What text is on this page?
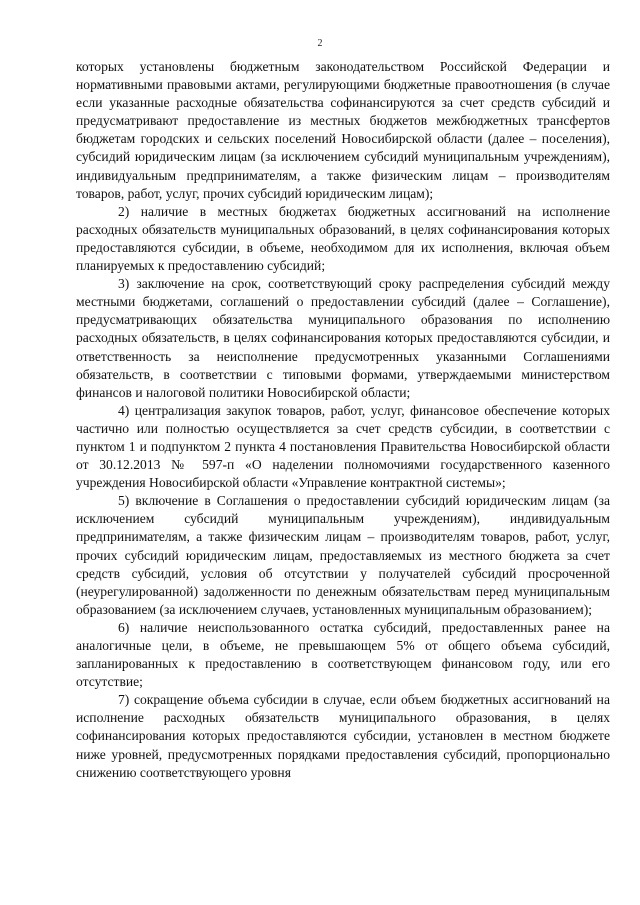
2

которых установлены бюджетным законодательством Российской Федерации и нормативными правовыми актами, регулирующими бюджетные правоотношения (в случае если указанные расходные обязательства софинансируются за счет средств субсидий и предусматривают предоставление из местных бюджетов межбюджетных трансфертов бюджетам городских и сельских поселений Новосибирской области (далее – поселения), субсидий юридическим лицам (за исключением субсидий муниципальным учреждениям), индивидуальным предпринимателям, а также физическим лицам – производителям товаров, работ, услуг, прочих субсидий юридическим лицам);

2) наличие в местных бюджетах бюджетных ассигнований на исполнение расходных обязательств муниципальных образований, в целях софинансирования которых предоставляются субсидии, в объеме, необходимом для их исполнения, включая объем планируемых к предоставлению субсидий;

3) заключение на срок, соответствующий сроку распределения субсидий между местными бюджетами, соглашений о предоставлении субсидий (далее – Соглашение), предусматривающих обязательства муниципального образования по исполнению расходных обязательств, в целях софинансирования которых предоставляются субсидии, и ответственность за неисполнение предусмотренных указанными Соглашениями обязательств, в соответствии с типовыми формами, утверждаемыми министерством финансов и налоговой политики Новосибирской области;

4) централизация закупок товаров, работ, услуг, финансовое обеспечение которых частично или полностью осуществляется за счет средств субсидии, в соответствии с пунктом 1 и подпунктом 2 пункта 4 постановления Правительства Новосибирской области от 30.12.2013 № 597-п «О наделении полномочиями государственного казенного учреждения Новосибирской области «Управление контрактной системы»;

5) включение в Соглашения о предоставлении субсидий юридическим лицам (за исключением субсидий муниципальным учреждениям), индивидуальным предпринимателям, а также физическим лицам – производителям товаров, работ, услуг, прочих субсидий юридическим лицам, предоставляемых из местного бюджета за счет средств субсидий, условия об отсутствии у получателей субсидий просроченной (неурегулированной) задолженности по денежным обязательствам перед муниципальным образованием (за исключением случаев, установленных муниципальным образованием);

6) наличие неиспользованного остатка субсидий, предоставленных ранее на аналогичные цели, в объеме, не превышающем 5% от общего объема субсидий, запланированных к предоставлению в соответствующем финансовом году, или его отсутствие;

7) сокращение объема субсидии в случае, если объем бюджетных ассигнований на исполнение расходных обязательств муниципального образования, в целях софинансирования которых предоставляются субсидии, установлен в местном бюджете ниже уровней, предусмотренных порядками предоставления субсидий, пропорционально снижению соответствующего уровня
